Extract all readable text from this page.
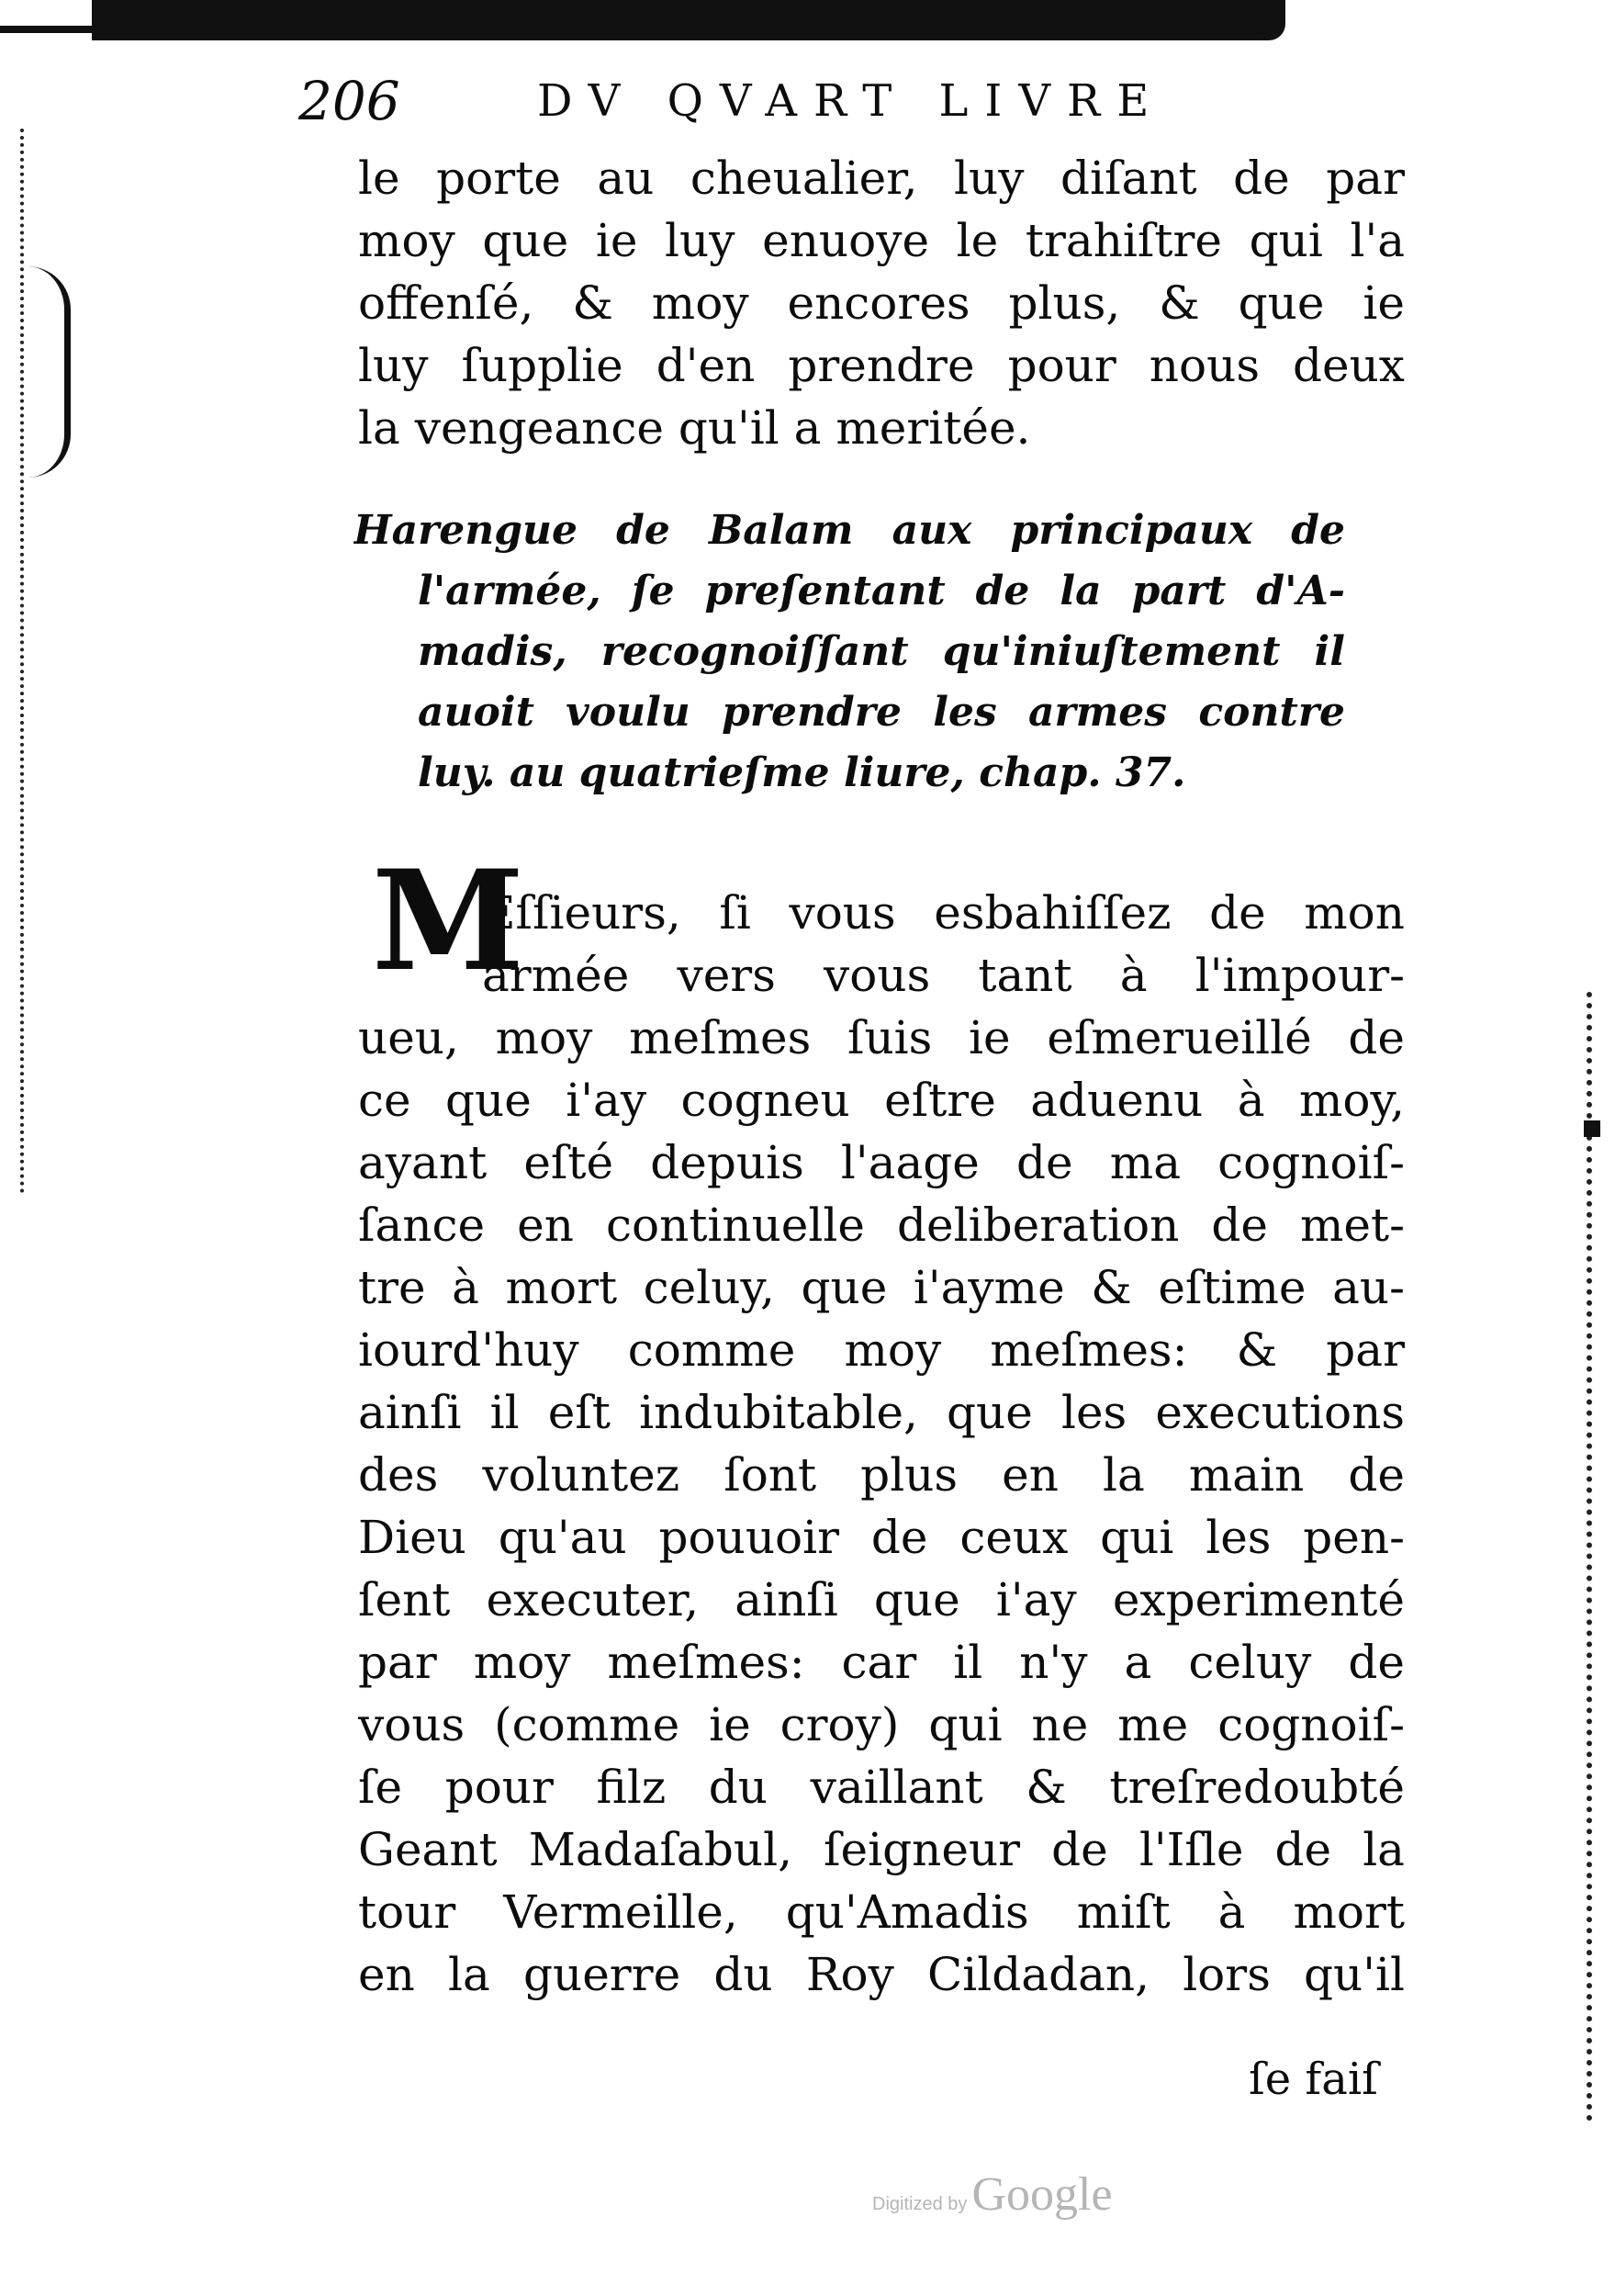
206	DV QVART LIVRE
le porte au cheualier, luy diſant de par
moy que ie luy enuoye le trahiſtre qui l'a
offenſé, & moy encores plus, & que ie
luy ſupplie d'en prendre pour nous deux
la vengeance qu'il a meritée.
Harengue de Balam aux principaux de
l'armée, ſe preſentant de la part d'A-
madis, recognoiſſant qu'iniuſtement il
auoit voulu prendre les armes contre
luy. au quatrieſme liure, chap. 37.
M
Eſſieurs, ſi vous esbahiſſez de mon
armée vers vous tant à l'impour-
ueu, moy meſmes ſuis ie eſmerueillé de
ce que i'ay cogneu eſtre aduenu à moy,
ayant eſté depuis l'aage de ma cognoiſ-
ſance en continuelle deliberation de met-
tre à mort celuy, que i'ayme & eſtime au-
iourd'huy comme moy meſmes: & par
ainſi il eſt indubitable, que les executions
des voluntez ſont plus en la main de
Dieu qu'au pouuoir de ceux qui les pen-
ſent executer, ainſi que i'ay experimenté
par moy meſmes: car il n'y a celuy de
vous (comme ie croy) qui ne me cognoiſ-
ſe pour filz du vaillant & treſredoubté
Geant Madaſabul, ſeigneur de l'Iſle de la
tour Vermeille, qu'Amadis miſt à mort
en la guerre du Roy Cildadan, lors qu'il
ſe faiſ
Digitized by Google
